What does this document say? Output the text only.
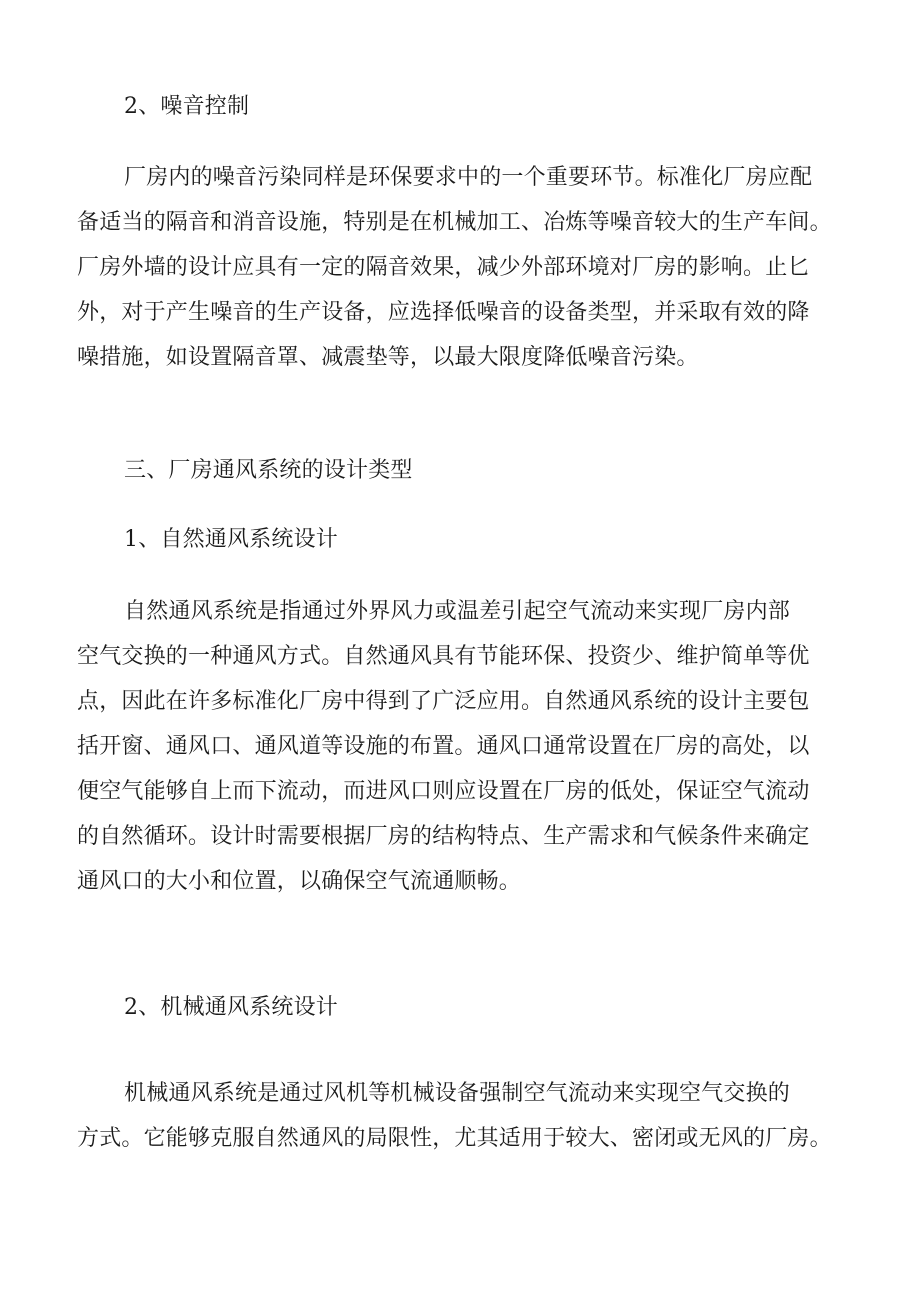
2、噪音控制
厂房内的噪音污染同样是环保要求中的一个重要环节。标准化厂房应配
备适当的隔音和消音设施，特别是在机械加工、冶炼等噪音较大的生产车间。
厂房外墙的设计应具有一定的隔音效果，减少外部环境对厂房的影响。止匕
外，对于产生噪音的生产设备，应选择低噪音的设备类型，并采取有效的降
噪措施，如设置隔音罩、减震垫等，以最大限度降低噪音污染。
三、厂房通风系统的设计类型
1、自然通风系统设计
自然通风系统是指通过外界风力或温差引起空气流动来实现厂房内部
空气交换的一种通风方式。自然通风具有节能环保、投资少、维护简单等优
点，因此在许多标准化厂房中得到了广泛应用。自然通风系统的设计主要包
括开窗、通风口、通风道等设施的布置。通风口通常设置在厂房的高处，以
便空气能够自上而下流动，而进风口则应设置在厂房的低处，保证空气流动
的自然循环。设计时需要根据厂房的结构特点、生产需求和气候条件来确定
通风口的大小和位置，以确保空气流通顺畅。
2、机械通风系统设计
机械通风系统是通过风机等机械设备强制空气流动来实现空气交换的
方式。它能够克服自然通风的局限性，尤其适用于较大、密闭或无风的厂房。
